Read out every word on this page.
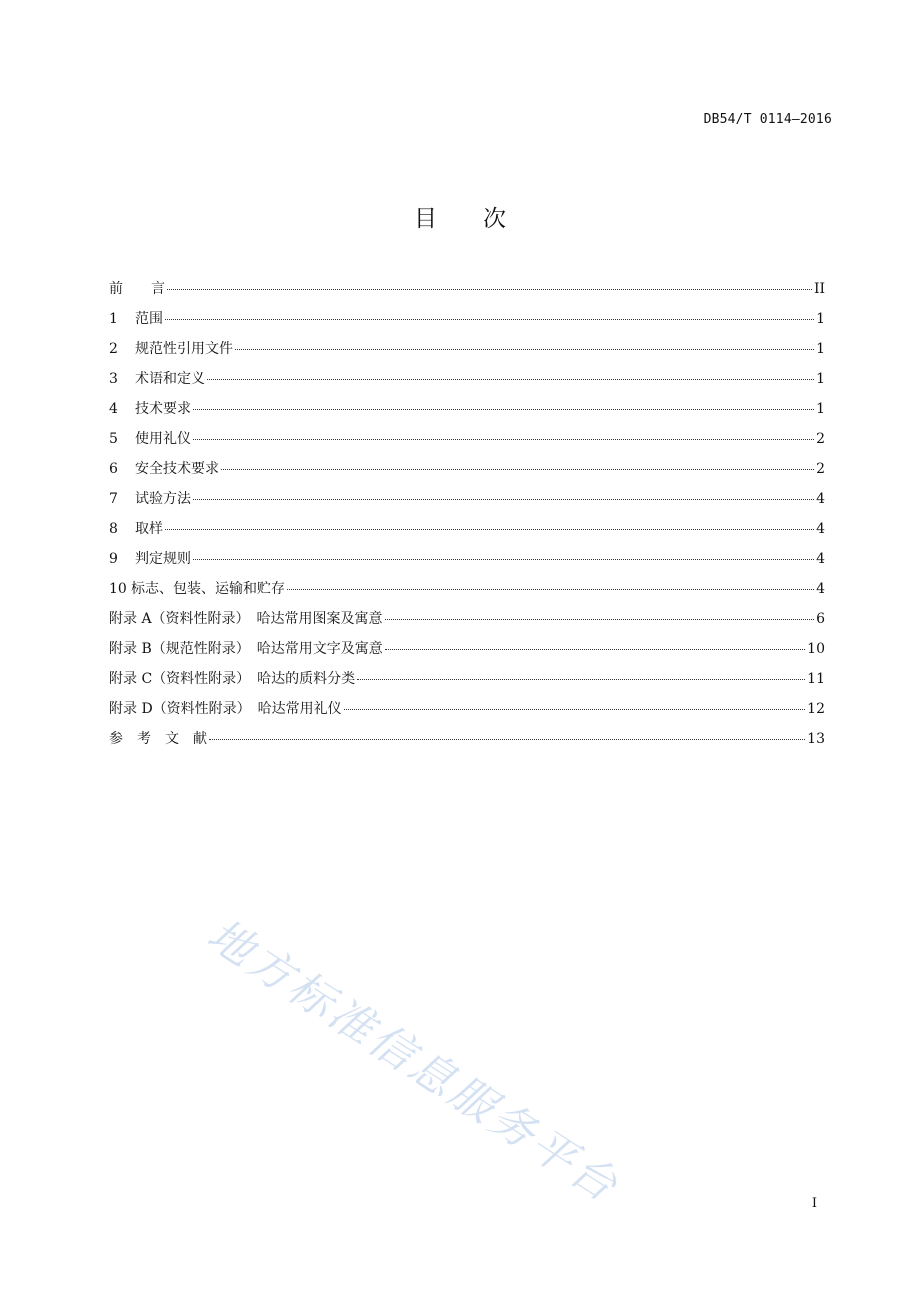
DB54/T 0114—2016
目　　次
前　　言	II
1	范围	1
2	规范性引用文件	1
3	术语和定义	1
4	技术要求	1
5	使用礼仪	2
6	安全技术要求	2
7	试验方法	4
8	取样	4
9	判定规则	4
10 标志、包装、运输和贮存	4
附录 A（资料性附录）　哈达常用图案及寓意	6
附录 B（规范性附录）　哈达常用文字及寓意	10
附录 C（资料性附录）　哈达的质料分类	11
附录 D（资料性附录）　哈达常用礼仪	12
参　考　文　献	13
地方标准信息服务平台	I
